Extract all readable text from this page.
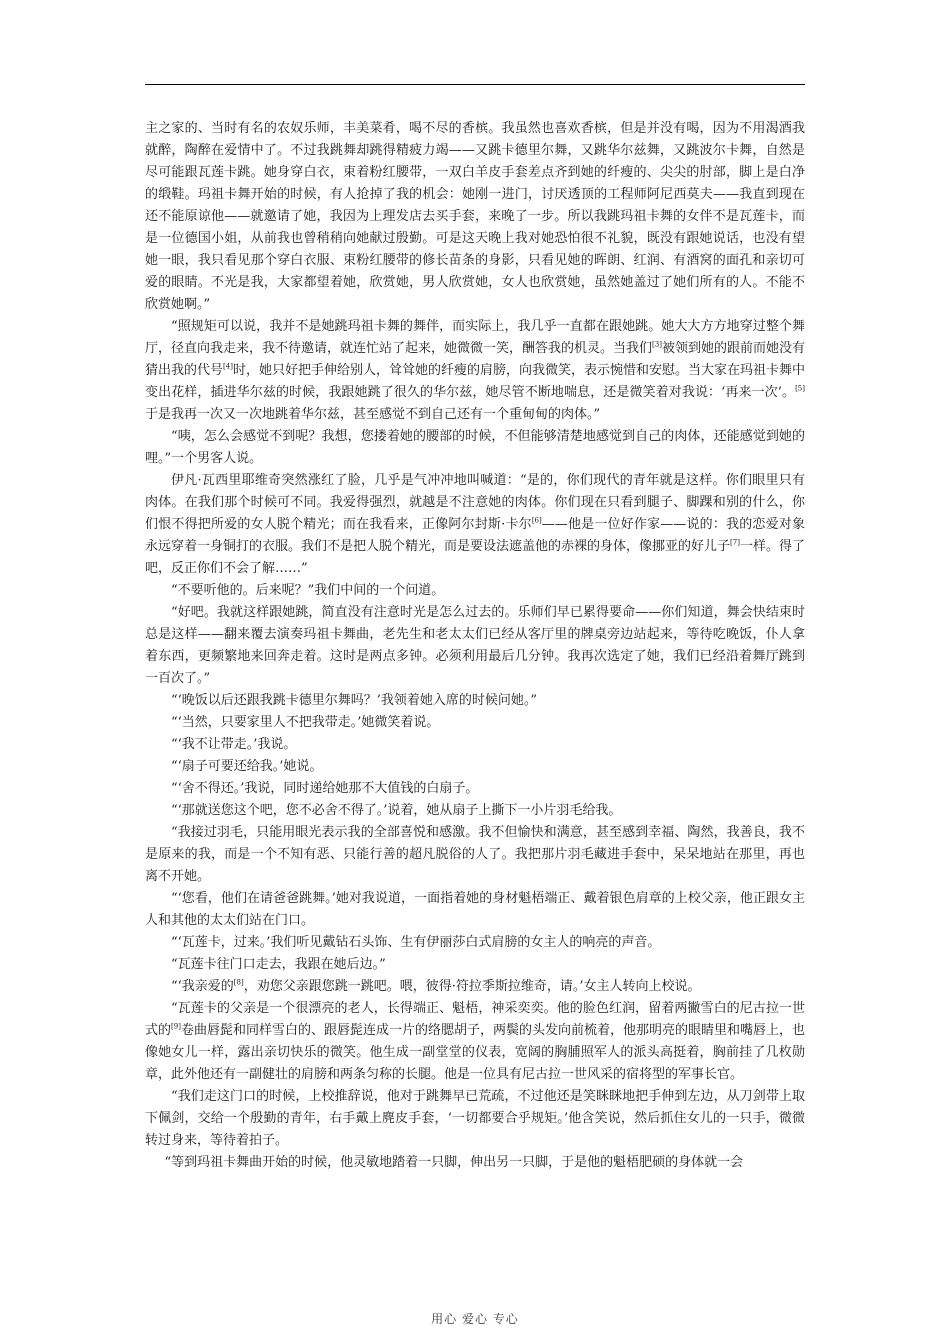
主之家的、当时有名的农奴乐师，丰美菜肴，喝不尽的香槟。我虽然也喜欢香槟，但是并没有喝，因为不用渴酒我就醉，陶醉在爱情中了。不过我跳舞却跳得精疲力竭——又跳卡德里尔舞，又跳华尔兹舞，又跳波尔卡舞，自然是尽可能跟瓦莲卡跳。她身穿白衣，束着粉红腰带，一双白羊皮手套差点齐到她的纤瘦的、尖尖的肘部，脚上是白净的缎鞋。玛祖卡舞开始的时候，有人抢掉了我的机会：她刚一进门，讨厌透顶的工程师阿尼西莫夫——我直到现在还不能原谅他——就邀请了她，我因为上理发店去买手套，来晚了一步。所以我跳玛祖卡舞的女伴不是瓦莲卡，而是一位德国小姐，从前我也曾稍稍向她献过殷勤。可是这天晚上我对她恐怕很不礼貌，既没有跟她说话，也没有望她一眼，我只看见那个穿白衣服、束粉红腰带的修长苗条的身影，只看见她的晖朗、红润、有酒窝的面孔和亲切可爱的眼睛。不光是我，大家都望着她，欣赏她，男人欣赏她，女人也欣赏她，虽然她盖过了她们所有的人。不能不欣赏她啊。”

“照规矩可以说，我并不是她跳玛祖卡舞的舞伴，而实际上，我几乎一直都在跟她跳。她大大方方地穿过整个舞厅，径直向我走来，我不待邀请，就连忙站了起来，她微微一笑，酬答我的机灵。当我们[3]被领到她的跟前而她没有猜出我的代号[4]时，她只好把手伸给别人，耸耸她的纤瘦的肩膀，向我微笑，表示惋惜和安慰。当大家在玛祖卡舞中变出花样，插进华尔兹的时候，我跟她跳了很久的华尔兹，她尽管不断地喘息，还是微笑着对我说：‘再来一次’。[5]于是我再一次又一次地跳着华尔兹，甚至感觉不到自己还有一个重甸甸的肉体。”

“咦，怎么会感觉不到呢？我想，您搂着她的腰部的时候，不但能够清楚地感觉到自己的肉体，还能感觉到她的哩。”一个男客人说。

伊凡·瓦西里耶维奇突然涨红了脸，几乎是气冲冲地叫喊道：“是的，你们现代的青年就是这样。你们眼里只有肉体。在我们那个时候可不同。我爱得强烈，就越是不注意她的肉体。你们现在只看到腿子、脚踝和别的什么，你们恨不得把所爱的女人脱个精光；而在我看来，正像阿尔封斯·卡尔[6]——他是一位好作家——说的：我的恋爱对象永远穿着一身铜打的衣服。我们不是把人脱个精光，而是要设法遮盖他的赤裸的身体，像挪亚的好儿子[7]一样。得了吧，反正你们不会了解……”

“不要听他的。后来呢？”我们中间的一个问道。

“好吧。我就这样跟她跳，简直没有注意时光是怎么过去的。乐师们早已累得要命——你们知道，舞会快结束时总是这样——翻来覆去演奏玛祖卡舞曲，老先生和老太太们已经从客厅里的牌桌旁边站起来，等待吃晚饭，仆人拿着东西，更频繁地来回奔走着。这时是两点多钟。必须利用最后几分钟。我再次选定了她，我们已经沿着舞厅跳到一百次了。”

“‘晚饭以后还跟我跳卡德里尔舞吗？’我领着她入席的时候问她。”

“‘当然，只要家里人不把我带走。’她微笑着说。

“‘我不让带走。’我说。

“‘扇子可要还给我。’她说。

“‘舍不得还。’我说，同时递给她那不大值钱的白扇子。

“‘那就送您这个吧，您不必舍不得了。’说着，她从扇子上撕下一小片羽毛给我。

“我接过羽毛，只能用眼光表示我的全部喜悦和感激。我不但愉快和满意，甚至感到幸福、陶然，我善良，我不是原来的我，而是一个不知有恶、只能行善的超凡脱俗的人了。我把那片羽毛藏进手套中，呆呆地站在那里，再也离不开她。

“‘您看，他们在请爸爸跳舞。’她对我说道，一面指着她的身材魁梧端正、戴着银色肩章的上校父亲，他正跟女主人和其他的太太们站在门口。

“‘瓦莲卡，过来。’我们听见戴钻石头饰、生有伊丽莎白式肩膀的女主人的响亮的声音。

“瓦莲卡往门口走去，我跟在她后边。”

“‘我亲爱的[8]，劝您父亲跟您跳一跳吧。喂，彼得·符拉季斯拉维奇，请。’女主人转向上校说。

“瓦莲卡的父亲是一个很漂亮的老人，长得端正、魁梧，神采奕奕。他的脸色红润，留着两撇雪白的尼古拉一世式的[9]卷曲唇髭和同样雪白的、跟唇髭连成一片的络腮胡子，两鬓的头发向前梳着，他那明亮的眼睛里和嘴唇上，也像她女儿一样，露出亲切快乐的微笑。他生成一副堂堂的仪表，宽阔的胸脯照军人的派头高挺着，胸前挂了几枚勋章，此外他还有一副健壮的肩膀和两条匀称的长腿。他是一位具有尼古拉一世风采的宿将型的军事长官。

“我们走这门口的时候，上校推辞说，他对于跳舞早已荒疏，不过他还是笑眯眯地把手伸到左边，从刀剑带上取下佩剑，交给一个殷勤的青年，右手戴上麂皮手套，‘一切都要合乎规矩。’他含笑说，然后抓住女儿的一只手，微微转过身来，等待着拍子。

“等到玛祖卡舞曲开始的时候，他灵敏地踏着一只脚，伸出另一只脚，于是他的魁梧肥硕的身体就一会

用心 爱心 专心
